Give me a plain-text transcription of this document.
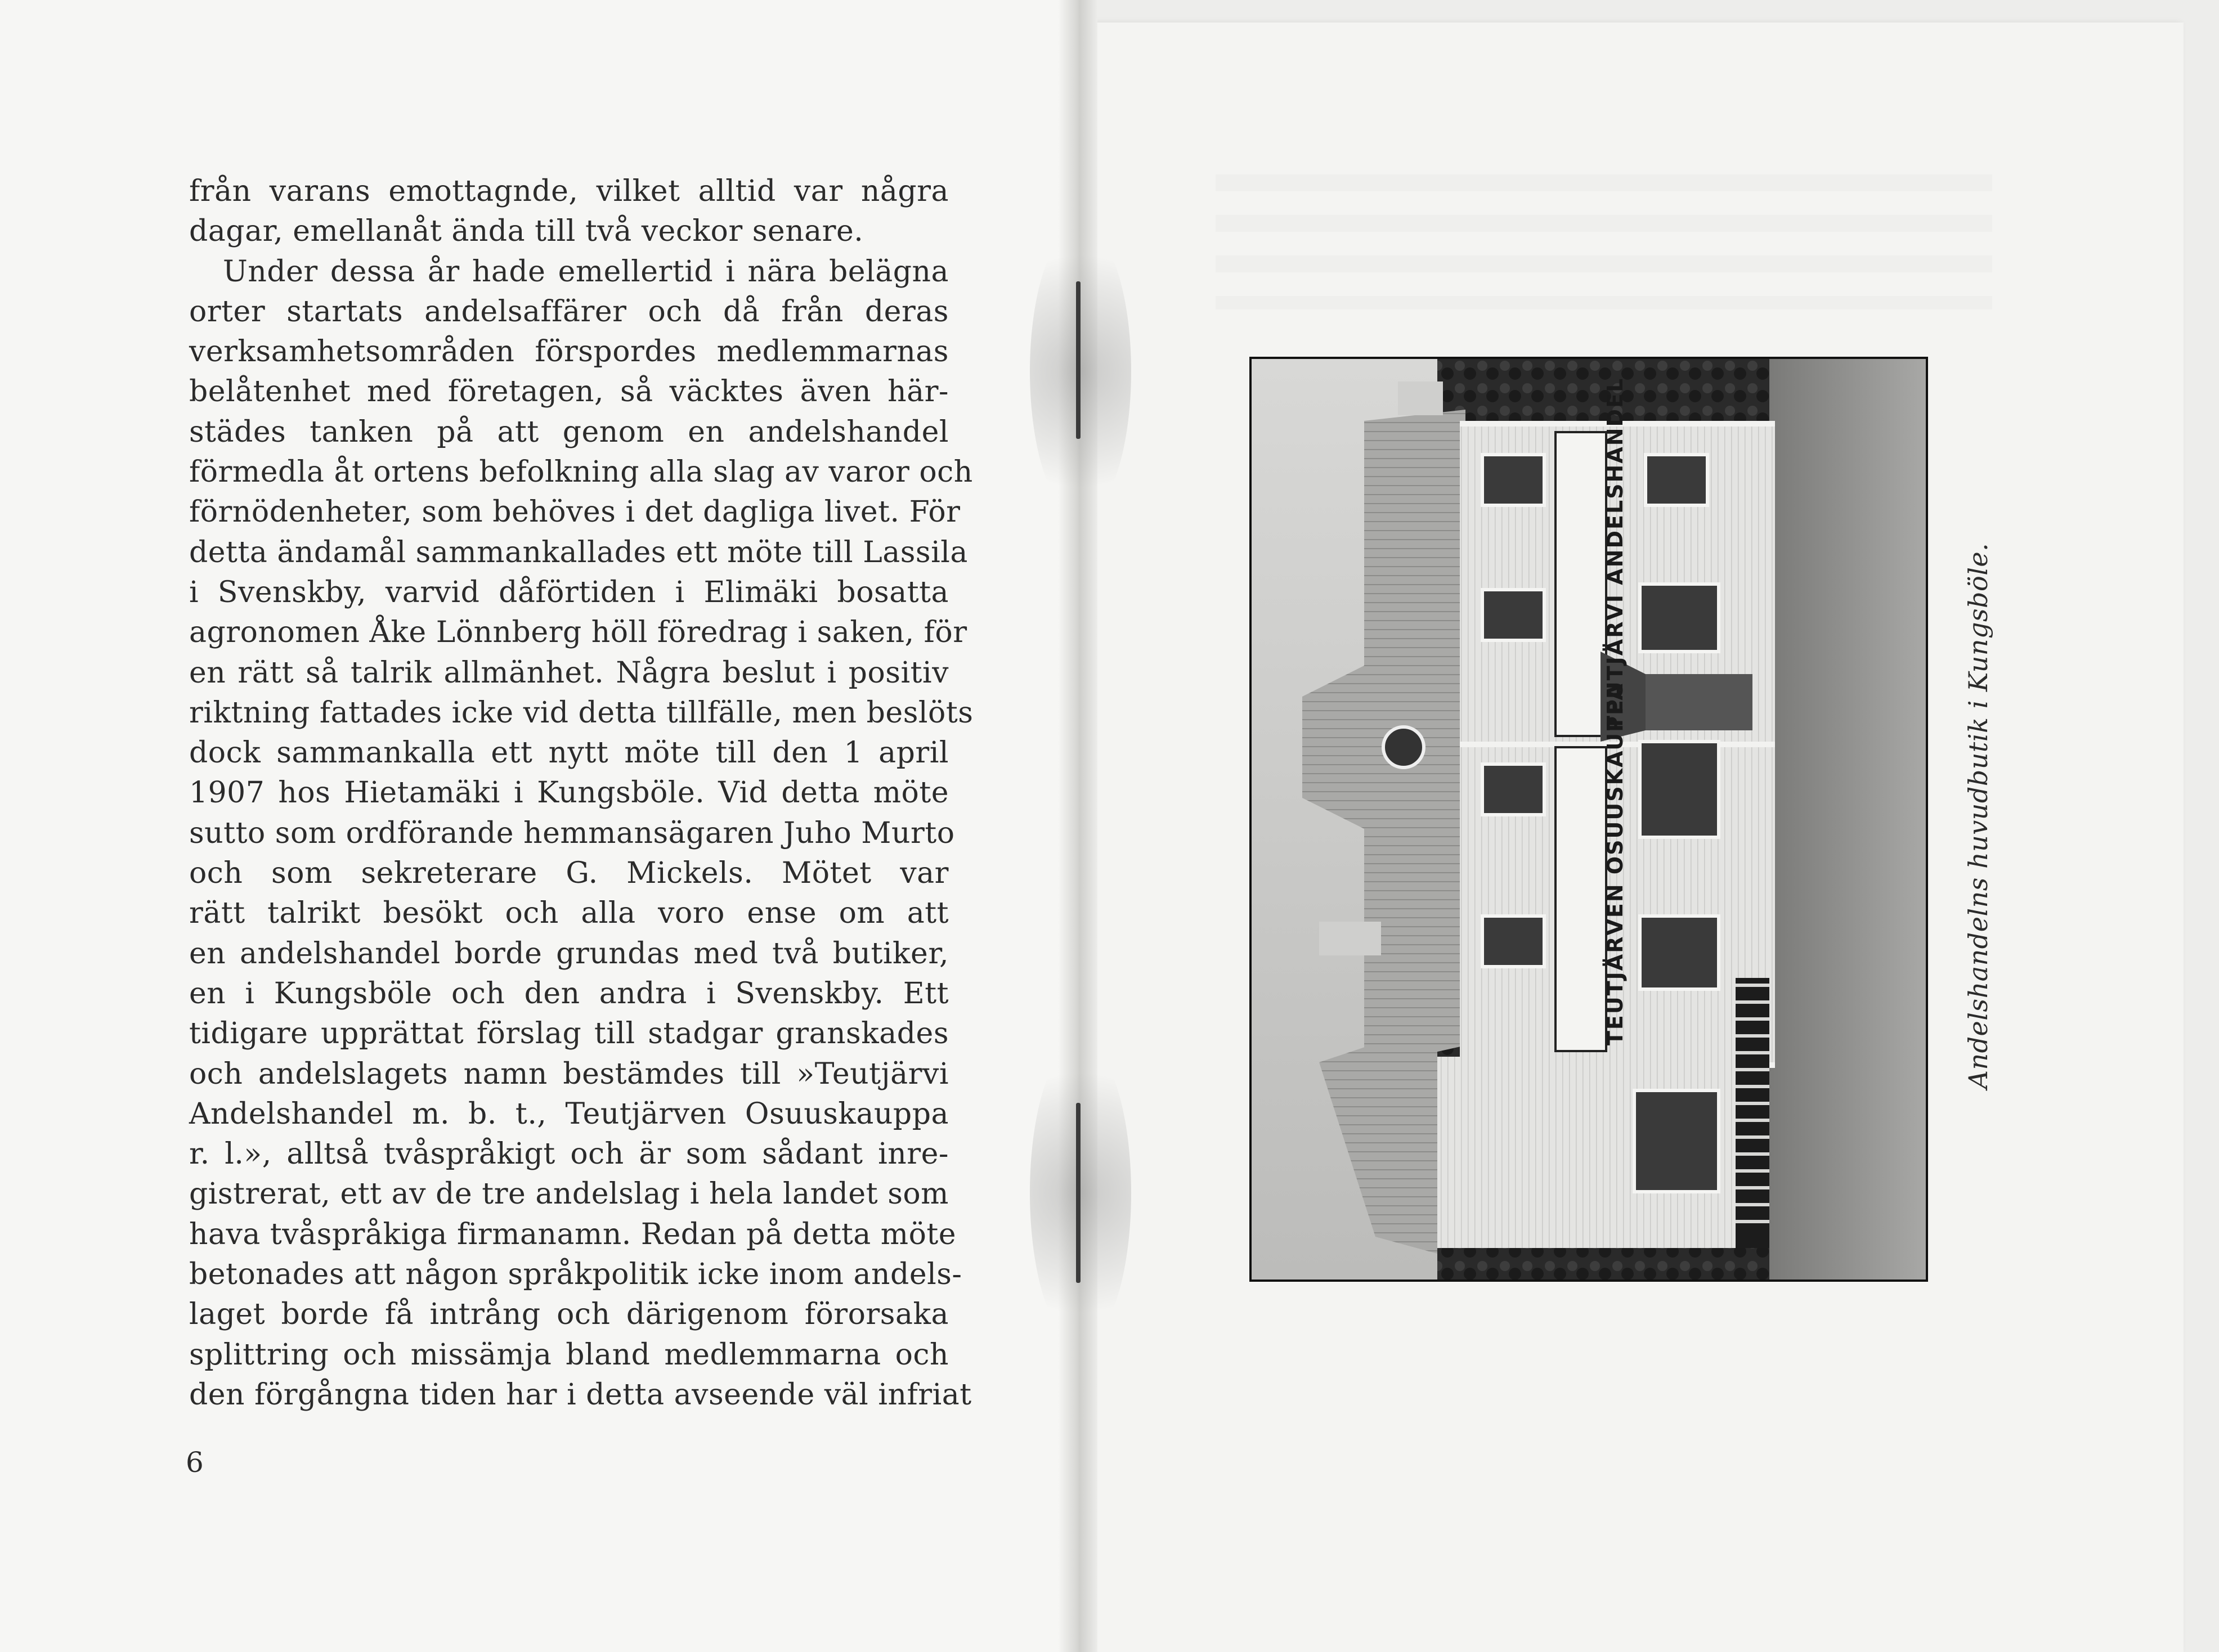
från varans emottagnde, vilket alltid var några
dagar, emellanåt ända till två veckor senare.
Under dessa år hade emellertid i nära belägna
orter startats andelsaffärer och då från deras
verksamhetsområden förspordes medlemmarnas
belåtenhet med företagen, så väcktes även här-
städes tanken på att genom en andelshandel
förmedla åt ortens befolkning alla slag av varor och
förnödenheter, som behöves i det dagliga livet. För
detta ändamål sammankallades ett möte till Lassila
i Svenskby, varvid dåförtiden i Elimäki bosatta
agronomen Åke Lönnberg höll föredrag i saken, för
en rätt så talrik allmänhet. Några beslut i positiv
riktning fattades icke vid detta tillfälle, men beslöts
dock sammankalla ett nytt möte till den 1 april
1907 hos Hietamäki i Kungsböle. Vid detta möte
sutto som ordförande hemmansägaren Juho Murto
och som sekreterare G. Mickels. Mötet var
rätt talrikt besökt och alla voro ense om att
en andelshandel borde grundas med två butiker,
en i Kungsböle och den andra i Svenskby. Ett
tidigare upprättat förslag till stadgar granskades
och andelslagets namn bestämdes till »Teutjärvi
Andelshandel m. b. t., Teutjärven Osuuskauppa
r. l.», alltså tvåspråkigt och är som sådant inre-
gistrerat, ett av de tre andelslag i hela landet som
hava tvåspråkiga firmanamn. Redan på detta möte
betonades att någon språkpolitik icke inom andels-
laget borde få intrång och därigenom förorsaka
splittring och missämja bland medlemmarna och
den förgångna tiden har i detta avseende väl infriat
6
TEUTJÄRVI ANDELSHANDEL
TEUTJÄRVEN OSUUSKAUPPA	Andelshandelns huvudbutik i Kungsböle.
